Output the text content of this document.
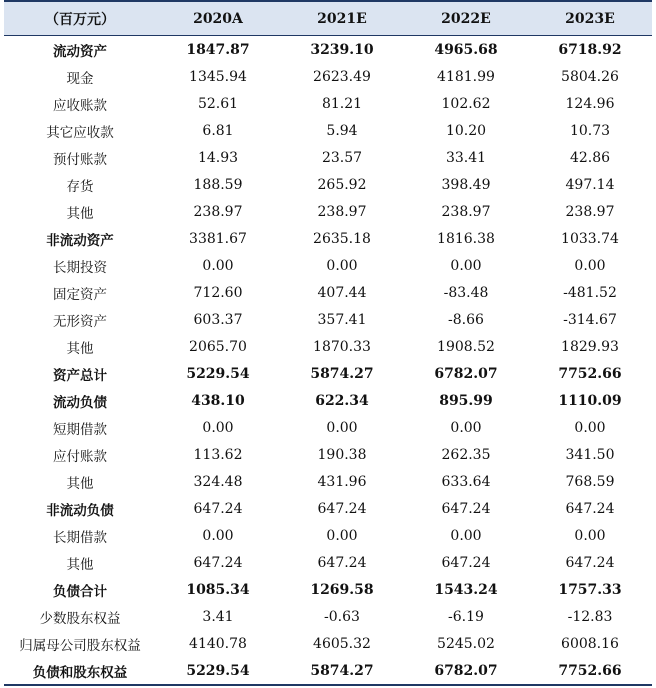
（百万元）	2020A	2021E	2022E	2023E
流动资产	1847.87	3239.10	4965.68	6718.92
现金	1345.94	2623.49	4181.99	5804.26
应收账款	52.61	81.21	102.62	124.96
其它应收款	6.81	5.94	10.20	10.73
预付账款	14.93	23.57	33.41	42.86
存货	188.59	265.92	398.49	497.14
其他	238.97	238.97	238.97	238.97
非流动资产	3381.67	2635.18	1816.38	1033.74
长期投资	0.00	0.00	0.00	0.00
固定资产	712.60	407.44	-83.48	-481.52
无形资产	603.37	357.41	-8.66	-314.67
其他	2065.70	1870.33	1908.52	1829.93
资产总计	5229.54	5874.27	6782.07	7752.66
流动负债	438.10	622.34	895.99	1110.09
短期借款	0.00	0.00	0.00	0.00
应付账款	113.62	190.38	262.35	341.50
其他	324.48	431.96	633.64	768.59
非流动负债	647.24	647.24	647.24	647.24
长期借款	0.00	0.00	0.00	0.00
其他	647.24	647.24	647.24	647.24
负债合计	1085.34	1269.58	1543.24	1757.33
少数股东权益	3.41	-0.63	-6.19	-12.83
归属母公司股东权益	4140.78	4605.32	5245.02	6008.16
负债和股东权益	5229.54	5874.27	6782.07	7752.66
